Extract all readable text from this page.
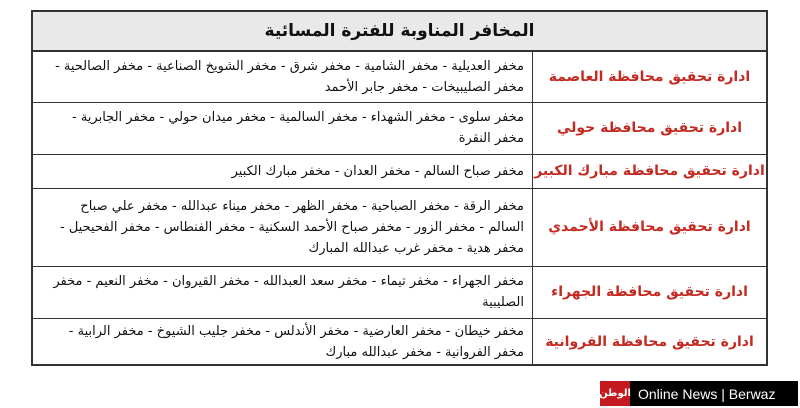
المخافر المناوبة للفترة المسائية
ادارة تحقيق محافظة العاصمة	مخفر العديلية - مخفر الشامية - مخفر شرق - مخفر الشويخ الصناعية - مخفر الصالحية - مخفر الصليبيخات - مخفر جابر الأحمد
ادارة تحقيق محافظة حولي	مخفر سلوى - مخفر الشهداء - مخفر السالمية - مخفر ميدان حولي - مخفر الجابرية - مخفر النقرة
ادارة تحقيق محافظة مبارك الكبير	مخفر صباح السالم - مخفر العدان - مخفر مبارك الكبير
ادارة تحقيق محافظة الأحمدي	مخفر الرقة - مخفر الصباحية - مخفر الظهر - مخفر ميناء عبدالله - مخفر علي صباح السالم - مخفر الزور - مخفر صباح الأحمد السكنية - مخفر الفنطاس - مخفر الفحيحيل - مخفر هدية - مخفر غرب عبدالله المبارك
ادارة تحقيق محافظة الجهراء	مخفر الجهراء - مخفر تيماء - مخفر سعد العبدالله - مخفر القيروان - مخفر النعيم - مخفر الصليبية
ادارة تحقيق محافظة الفروانية	مخفر خيطان - مخفر العارضية - مخفر الأندلس - مخفر جليب الشيوخ - مخفر الرابية - مخفر الفروانية - مخفر عبدالله مبارك
الوطن Online News | Berwaz
